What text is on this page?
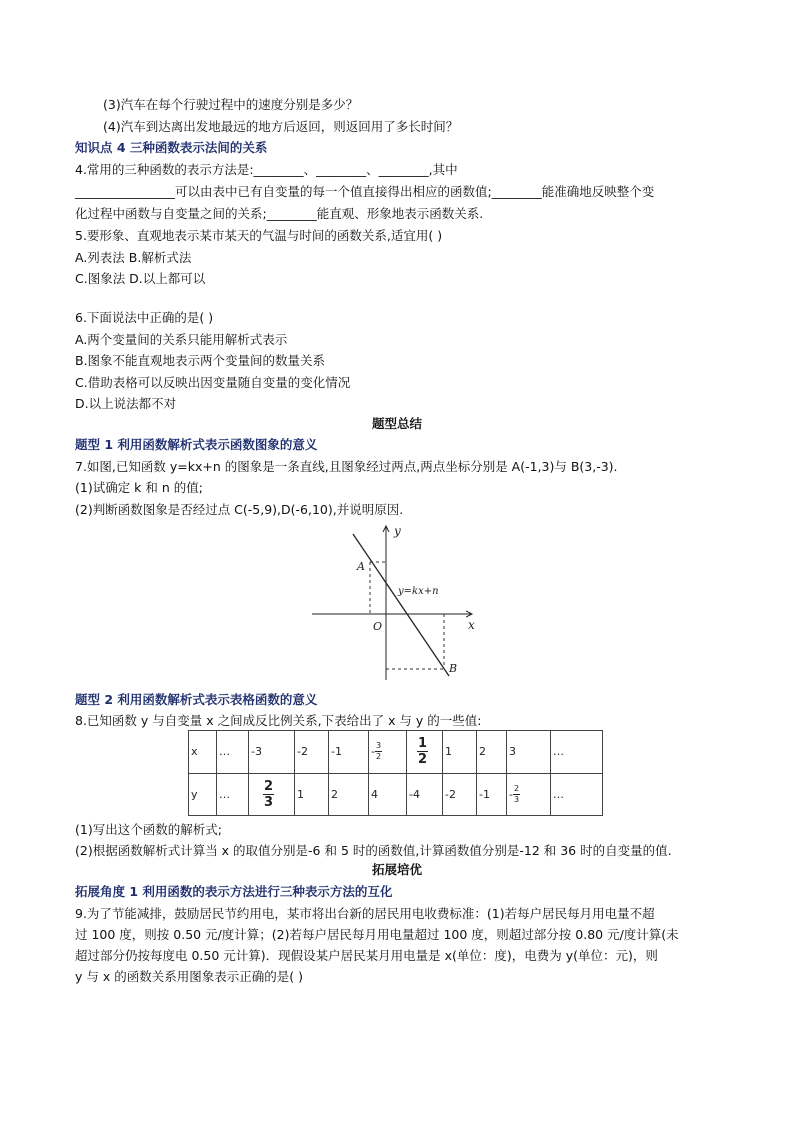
(3)汽车在每个行驶过程中的速度分别是多少？
(4)汽车到达离出发地最远的地方后返回，则返回用了多长时间？
知识点 4 三种函数表示法间的关系
4.常用的三种函数的表示方法是:________、________、________,其中
________________可以由表中已有自变量的每一个值直接得出相应的函数值;________能准确地反映整个变
化过程中函数与自变量之间的关系;________能直观、形象地表示函数关系.
5.要形象、直观地表示某市某天的气温与时间的函数关系,适宜用( )
A.列表法 B.解析式法
C.图象法 D.以上都可以
6.下面说法中正确的是( )
A.两个变量间的关系只能用解析式表示
B.图象不能直观地表示两个变量间的数量关系
C.借助表格可以反映出因变量随自变量的变化情况
D.以上说法都不对
题型总结
题型 1 利用函数解析式表示函数图象的意义
7.如图,已知函数 y=kx+n 的图象是一条直线,且图象经过两点,两点坐标分别是 A(-1,3)与 B(3,-3).
(1)试确定 k 和 n 的值;
(2)判断函数图象是否经过点 C(-5,9),D(-6,10),并说明原因.
y
x
O
A
B
y=kx+n
题型 2 利用函数解析式表示表格函数的意义
8.已知函数 y 与自变量 x 之间成反比例关系,下表给出了 x 与 y 的一些值:
x	…	-3	-2	-1	- $\frac{3}{2}$	$\frac{1}{2}$	1	2	3	…
y	…	$\frac{2}{3}$	1	2	4	-4	-2	-1	- $\frac{2}{3}$	…
(1)写出这个函数的解析式;
(2)根据函数解析式计算当 x 的取值分别是-6 和 5 时的函数值,计算函数值分别是-12 和 36 时的自变量的值.
拓展培优
拓展角度 1 利用函数的表示方法进行三种表示方法的互化
9.为了节能减排，鼓励居民节约用电，某市将出台新的居民用电收费标准：(1)若每户居民每月用电量不超
过 100 度，则按 0.50 元/度计算；(2)若每户居民每月用电量超过 100 度，则超过部分按 0.80 元/度计算(未
超过部分仍按每度电 0.50 元计算)．现假设某户居民某月用电量是 x(单位：度)，电费为 y(单位：元)，则
y 与 x 的函数关系用图象表示正确的是( )
